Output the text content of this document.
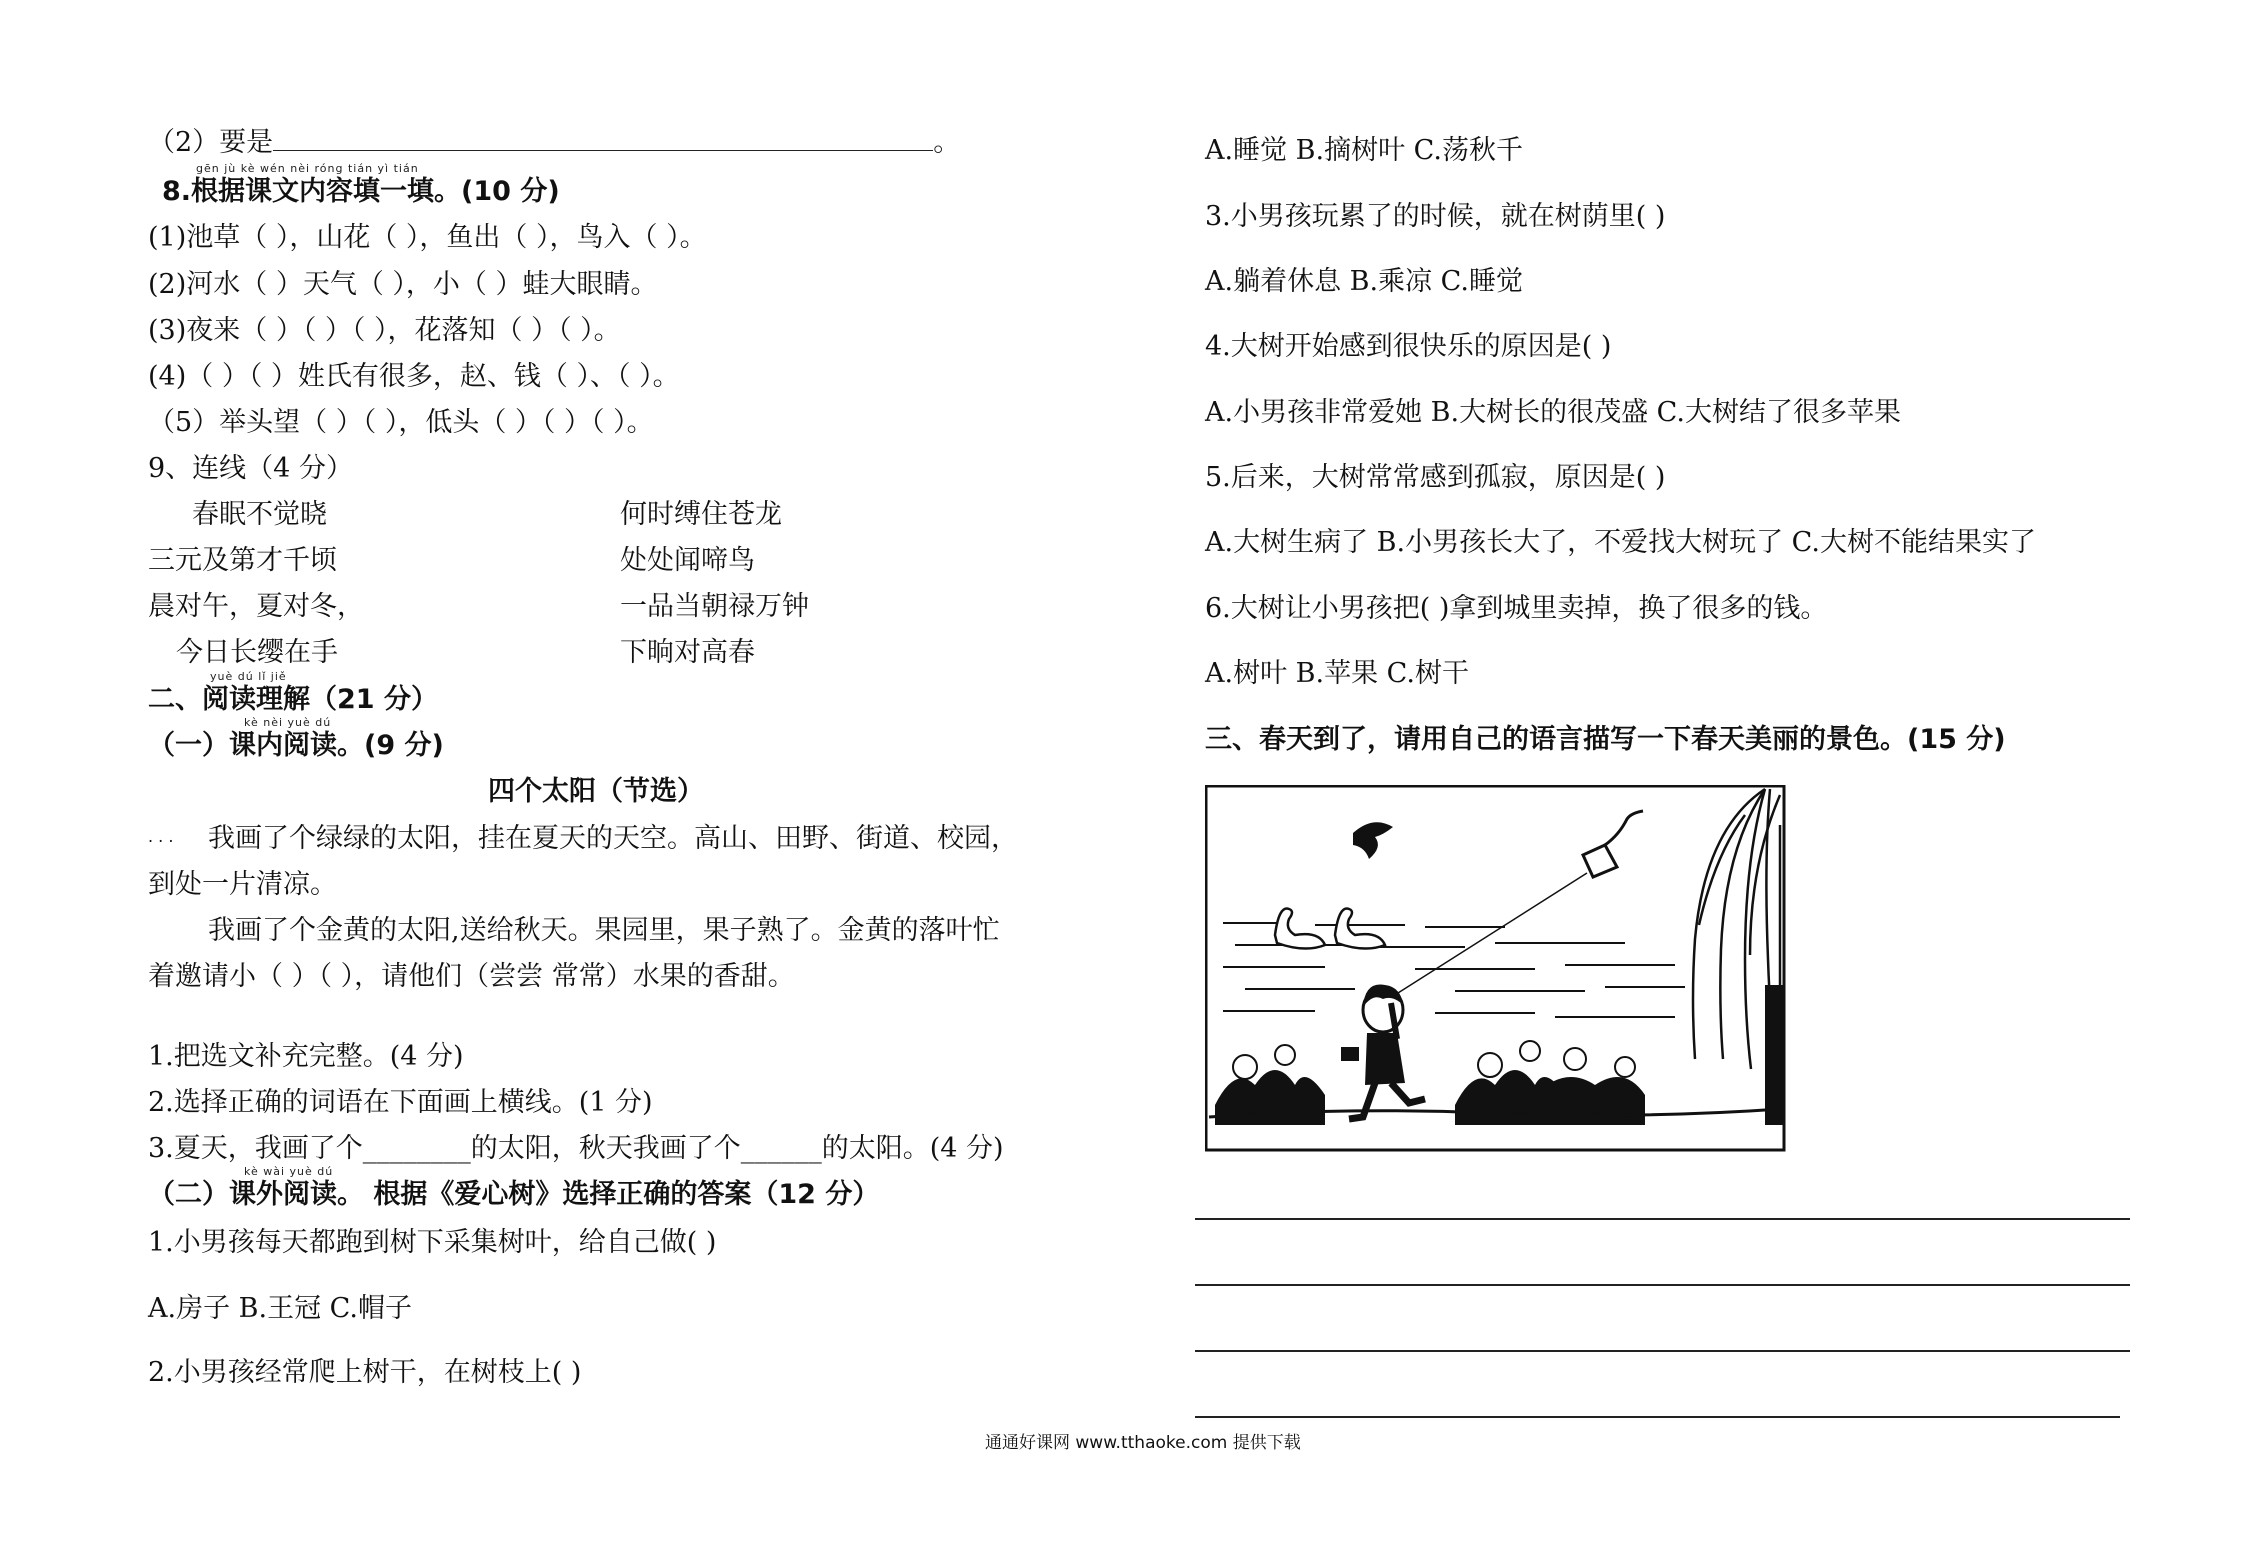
（2）要是	。
gēn jù kè wén nèi róng tián yì tián
8.根据课文内容填一填。(10 分)
(1)池草（ ），山花（ ），鱼出（ ），鸟入（ ）。
(2)河水（ ）天气（ ），小（ ）蛙大眼睛。
(3)夜来（ ）（ ）（ ），花落知（ ）（ ）。
(4)（ ）（ ）姓氏有很多，赵、钱（ ）、（ ）。
（5）举头望（ ）（ ），低头（ ）（ ）（ ）。
9、连线（4 分）
春眠不觉晓
三元及第才千顷
晨对午，夏对冬，
今日长缨在手
何时缚住苍龙
处处闻啼鸟
一品当朝禄万钟
下晌对高春
yuè dú lǐ jiě
二、阅读理解（21 分）
kè nèi yuè dú
（一）课内阅读。(9 分)
四个太阳（节选）
. . . 我画了个绿绿的太阳，挂在夏天的天空。高山、田野、街道、校园，
到处一片清凉。
我画了个金黄的太阳,送给秋天。果园里，果子熟了。金黄的落叶忙
着邀请小（ ）（ ），请他们（尝尝 常常）水果的香甜。
1.把选文补充完整。(4 分)
2.选择正确的词语在下面画上横线。(1 分)
3.夏天，我画了个________的太阳，秋天我画了个______的太阳。(4 分)
kè wài yuè dú
（二）课外阅读。 根据《爱心树》选择正确的答案（12 分）
1.小男孩每天都跑到树下采集树叶，给自己做( )
A.房子 B.王冠 C.帽子
2.小男孩经常爬上树干，在树枝上( )
A.睡觉 B.摘树叶 C.荡秋千
3.小男孩玩累了的时候，就在树荫里( )
A.躺着休息 B.乘凉 C.睡觉
4.大树开始感到很快乐的原因是( )
A.小男孩非常爱她 B.大树长的很茂盛 C.大树结了很多苹果
5.后来，大树常常感到孤寂，原因是( )
A.大树生病了 B.小男孩长大了，不爱找大树玩了 C.大树不能结果实了
6.大树让小男孩把( )拿到城里卖掉，换了很多的钱。
A.树叶 B.苹果 C.树干
三、春天到了，请用自己的语言描写一下春天美丽的景色。(15 分)
通通好课网 www.tthaoke.com 提供下载
